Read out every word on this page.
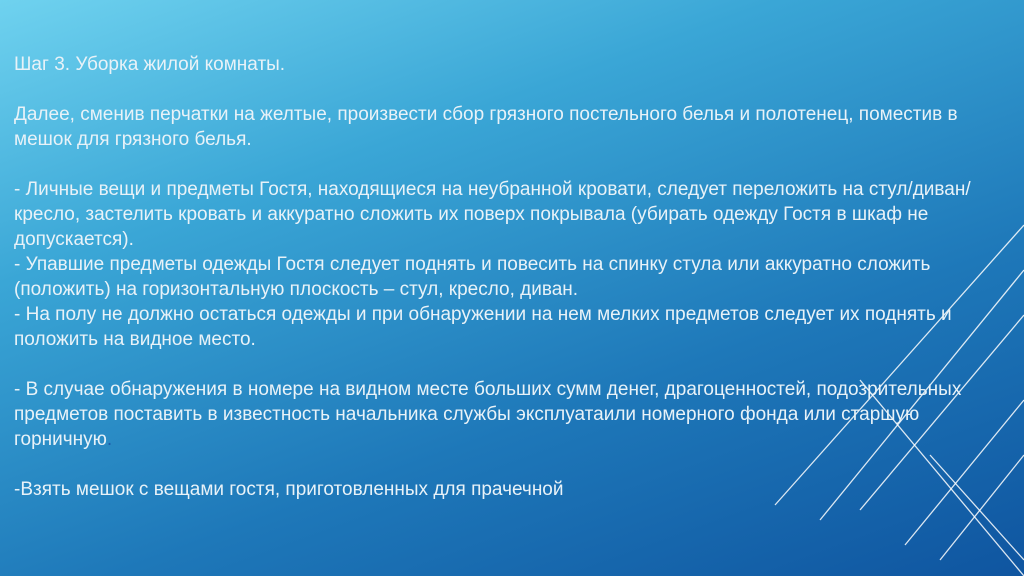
Шаг 3. Уборка жилой комнаты.

Далее, сменив перчатки на желтые, произвести сбор грязного постельного белья и полотенец, поместив в мешок для грязного белья.

- Личные вещи и предметы Гостя, находящиеся на неубранной кровати, следует переложить на стул/диван/кресло, застелить кровать и аккуратно сложить их поверх покрывала (убирать одежду Гостя в шкаф не допускается).

- Упавшие предметы одежды Гостя следует поднять и повесить на спинку стула или аккуратно сложить (положить) на горизонтальную плоскость – стул, кресло, диван.

- На полу не должно остаться одежды и при обнаружении на нем мелких предметов следует их поднять и положить на видное место.

- В случае обнаружения в номере на видном месте больших сумм денег, драгоценностей, подозрительных предметов поставить в известность начальника службы эксплуатаили номерного фонда или старшую горничную.

-Взять мешок с вещами гостя, приготовленных для прачечной
